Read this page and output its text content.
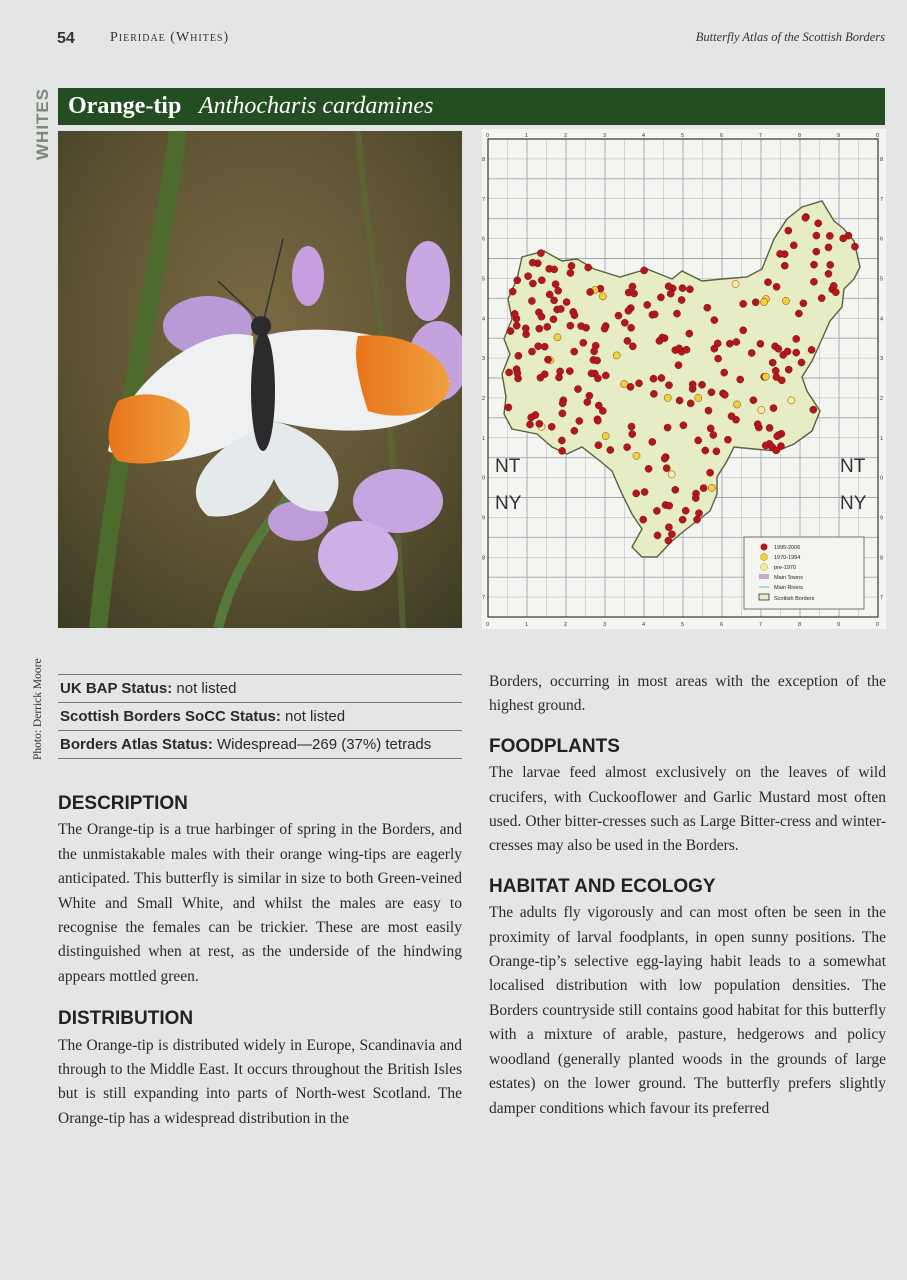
54	Pieridae (Whites)	Butterfly Atlas of the Scottish Borders
WHITES Orange-tip Anthocharis cardamines
Photo: Derrick Moore
0
0
1
1
2
2
3
3
4
4
5
5
6
6
7
7
8
8
9
9
0
0
8	8
7	7
6	6
5	5
4	4
3	3
2	2
1	1
0	0
9	9
8	8
7	7
NT
NY
NT
NY
1995-2006
1970-1994
pre-1970
Main Towns
Main Rivers
Scottish Borders
UK BAP Status: not listed
Scottish Borders SoCC Status: not listed
Borders Atlas Status: Widespread—269 (37%) tetrads
DESCRIPTION

The Orange-tip is a true harbinger of spring in the Borders, and the unmistakable males with their orange wing-tips are eagerly anticipated. This butterfly is similar in size to both Green-veined White and Small White, and whilst the males are easy to recognise the females can be trickier. These are most easily distinguished when at rest, as the underside of the hindwing appears mottled green.

DISTRIBUTION

The Orange-tip is distributed widely in Europe, Scandinavia and through to the Middle East. It occurs throughout the British Isles but is still expanding into parts of North-west Scotland. The Orange-tip has a widespread distribution in the

Borders, occurring in most areas with the exception of the highest ground.

FOODPLANTS

The larvae feed almost exclusively on the leaves of wild crucifers, with Cuckooflower and Garlic Mustard most often used. Other bitter-cresses such as Large Bitter-cress and winter-cresses may also be used in the Borders.

HABITAT AND ECOLOGY

The adults fly vigorously and can most often be seen in the proximity of larval foodplants, in open sunny positions. The Orange-tip’s selective egg-laying habit leads to a somewhat localised distribution with low population densities. The Borders countryside still contains good habitat for this butterfly with a mixture of arable, pasture, hedgerows and policy woodland (generally planted woods in the grounds of large estates) on the lower ground. The butterfly prefers slightly damper conditions which favour its preferred
